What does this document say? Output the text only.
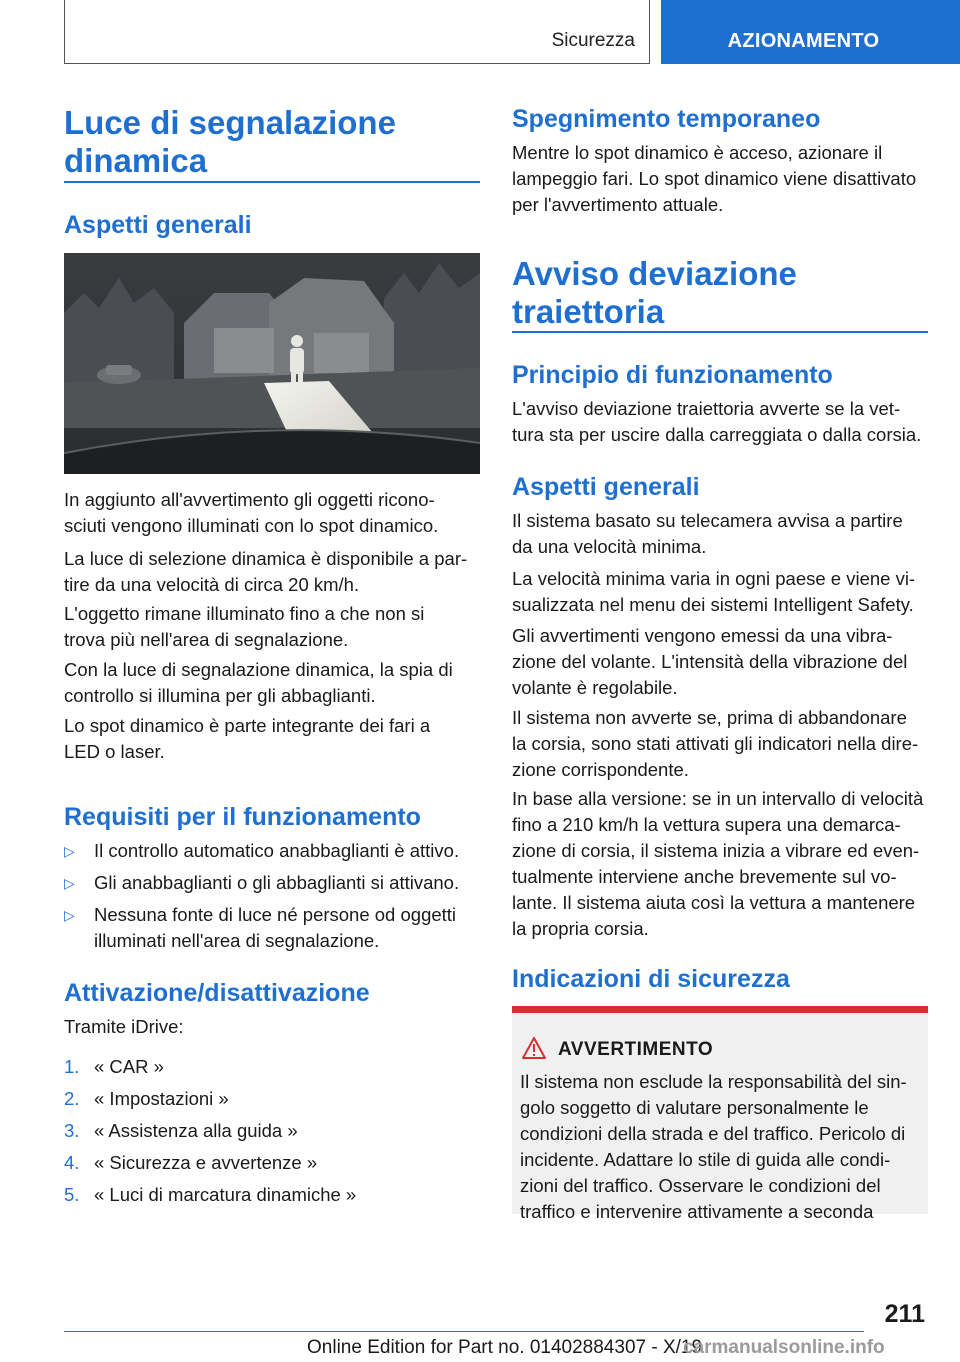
Sicurezza	AZIONAMENTO
Luce di segnalazione
dinamica
Aspetti generali

In aggiunto all'avvertimento gli oggetti ricono-
sciuti vengono illuminati con lo spot dinamico.

La luce di selezione dinamica è disponibile a par-
tire da una velocità di circa 20 km/h.

L'oggetto rimane illuminato fino a che non si
trova più nell'area di segnalazione.

Con la luce di segnalazione dinamica, la spia di
controllo si illumina per gli abbaglianti.

Lo spot dinamico è parte integrante dei fari a
LED o laser.

Requisiti per il funzionamento
▷ Il controllo automatico anabbaglianti è attivo.
▷ Gli anabbaglianti o gli abbaglianti si attivano.
▷ Nessuna fonte di luce né persone od oggetti
illuminati nell'area di segnalazione.
Attivazione/disattivazione

Tramite iDrive:

1. « CAR »
2. « Impostazioni »
3. « Assistenza alla guida »
4. « Sicurezza e avvertenze »
5. « Luci di marcatura dinamiche »
Spegnimento temporaneo

Mentre lo spot dinamico è acceso, azionare il
lampeggio fari. Lo spot dinamico viene disattivato
per l'avvertimento attuale.

Avviso deviazione
traiettoria
Principio di funzionamento

L'avviso deviazione traiettoria avverte se la vet-
tura sta per uscire dalla carreggiata o dalla corsia.

Aspetti generali

Il sistema basato su telecamera avvisa a partire
da una velocità minima.

La velocità minima varia in ogni paese e viene vi-
sualizzata nel menu dei sistemi Intelligent Safety.

Gli avvertimenti vengono emessi da una vibra-
zione del volante. L'intensità della vibrazione del
volante è regolabile.

Il sistema non avverte se, prima di abbandonare
la corsia, sono stati attivati gli indicatori nella dire-
zione corrispondente.

In base alla versione: se in un intervallo di velocità
fino a 210 km/h la vettura supera una demarca-
zione di corsia, il sistema inizia a vibrare ed even-
tualmente interviene anche brevemente sul vo-
lante. Il sistema aiuta così la vettura a mantenere
la propria corsia.

Indicazioni di sicurezza
AVVERTIMENTO
Il sistema non esclude la responsabilità del sin-
golo soggetto di valutare personalmente le
condizioni della strada e del traffico. Pericolo di
incidente. Adattare lo stile di guida alle condi-
zioni del traffico. Osservare le condizioni del
traffico e intervenire attivamente a seconda
211
Online Edition for Part no. 01402884307 - X/19
carmanualsonline.info
